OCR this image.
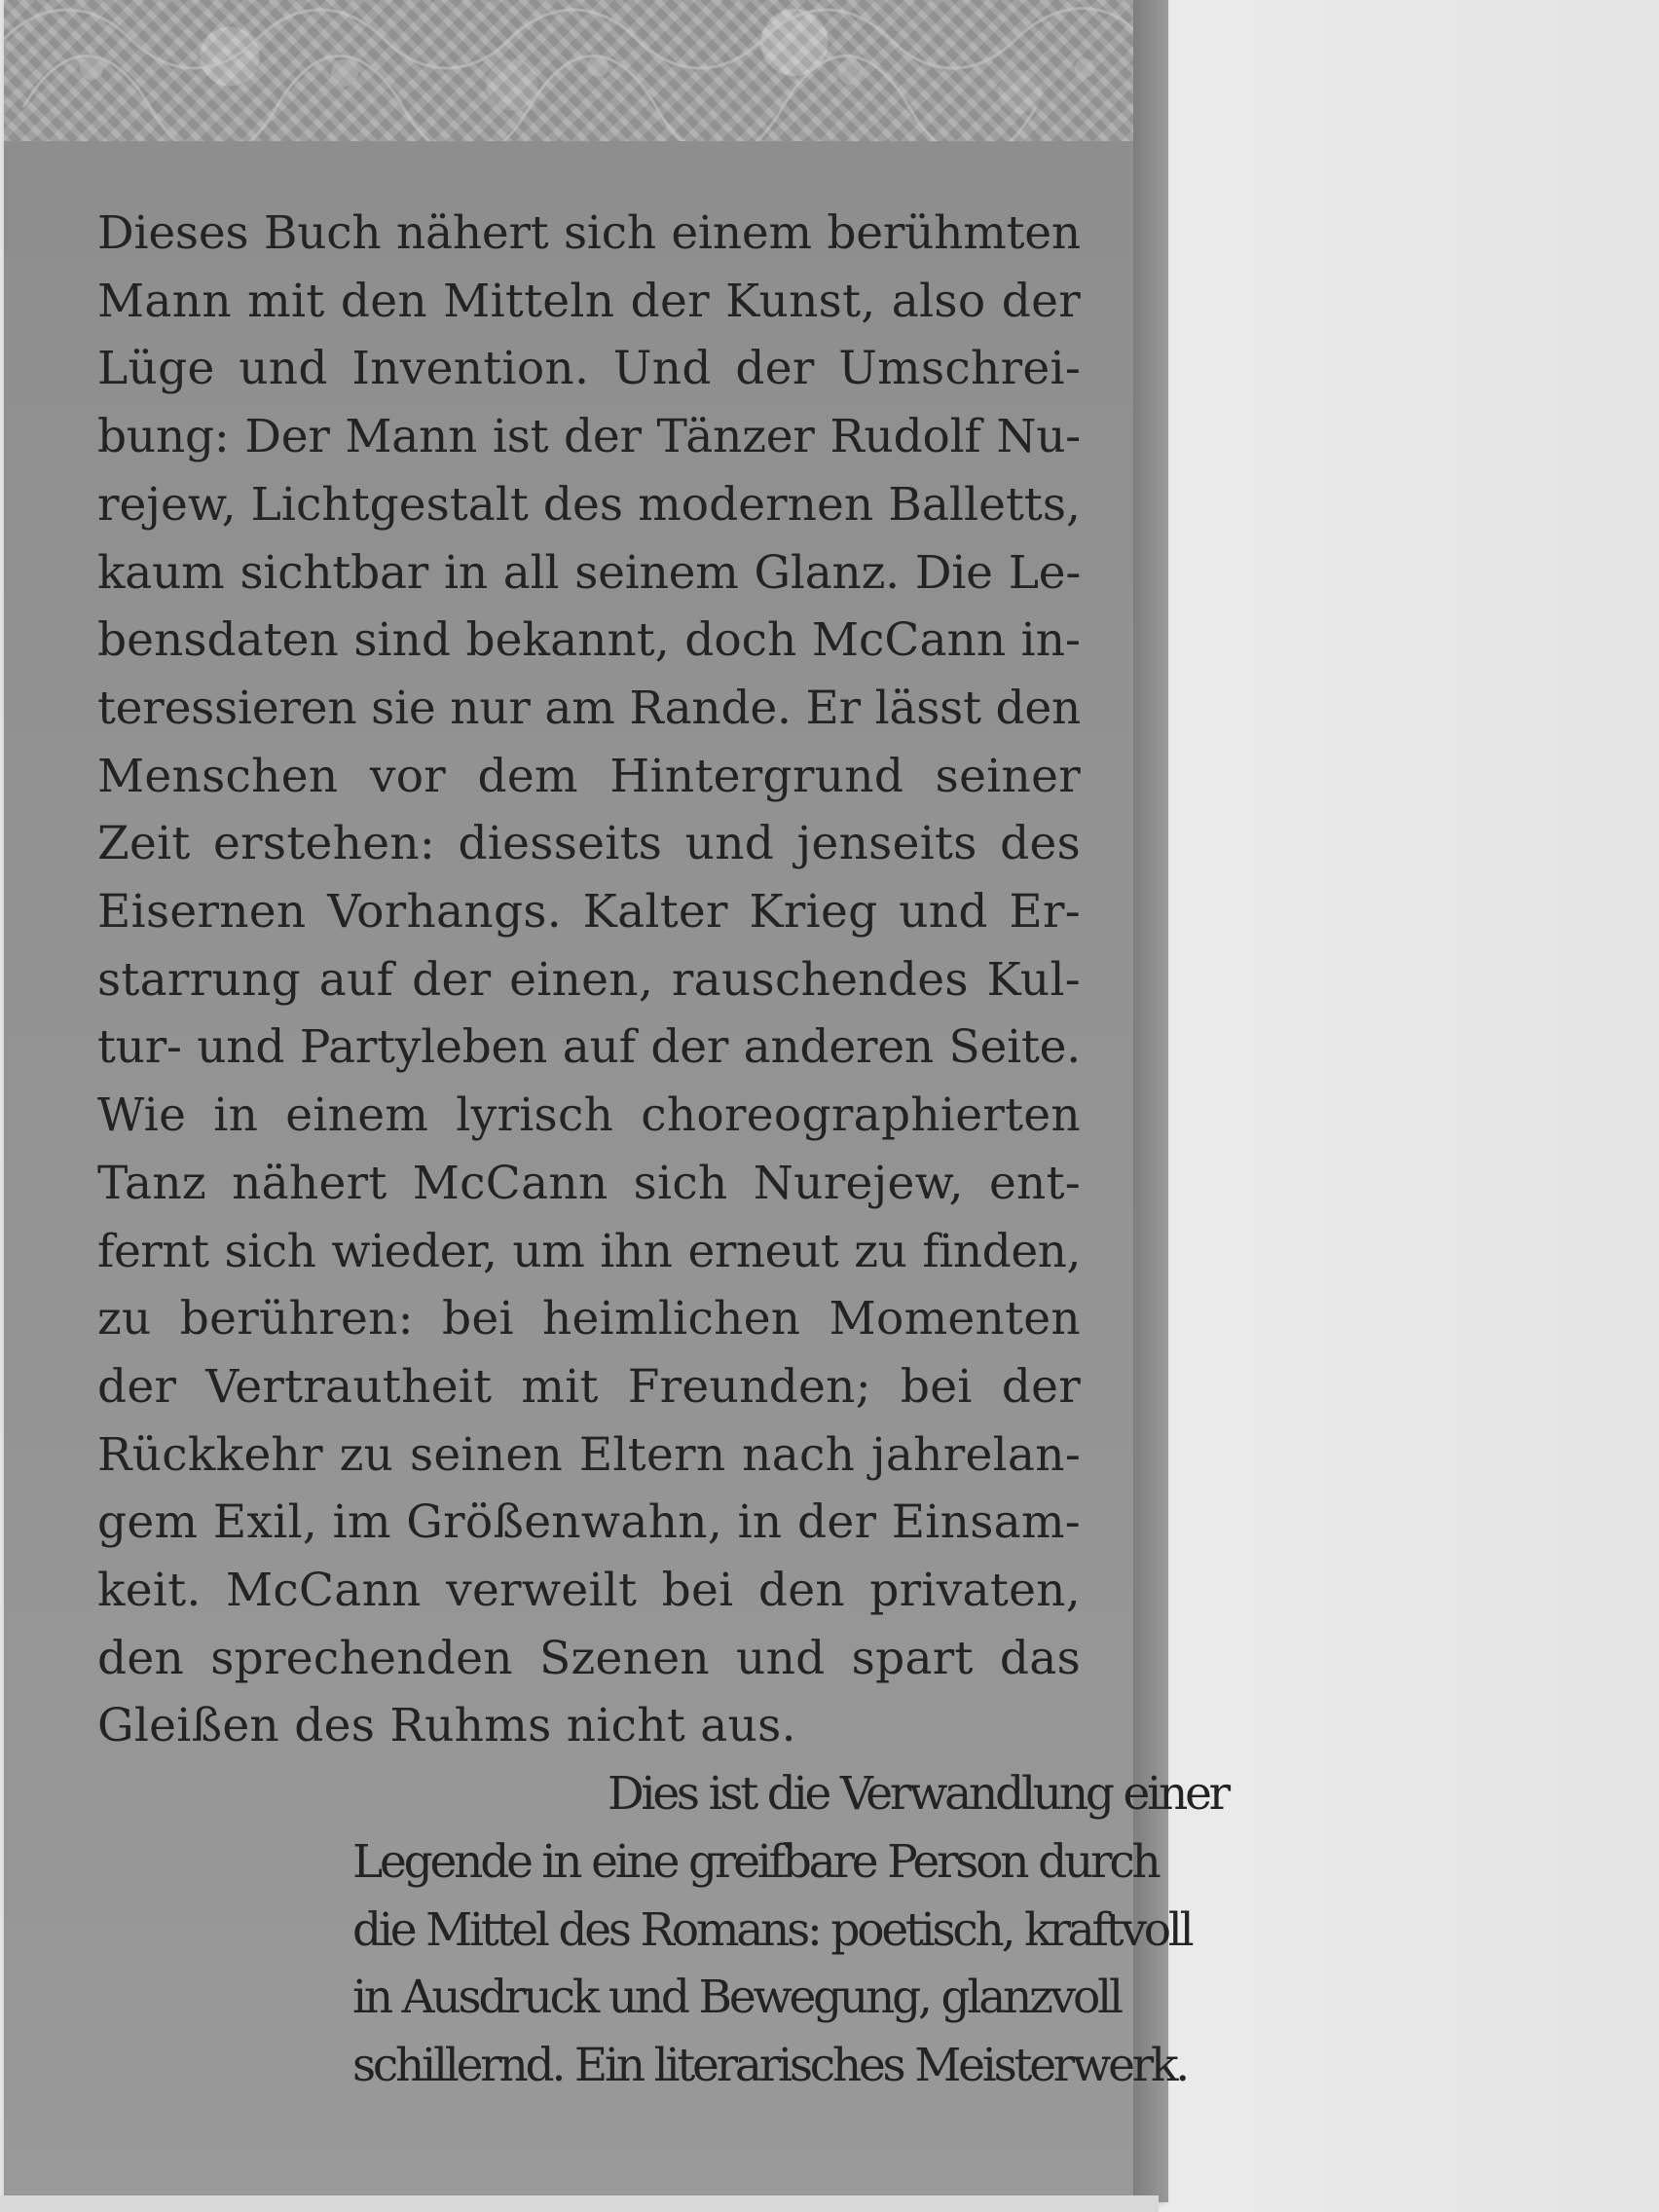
Dieses Buch nähert sich einem berühmten
Mann mit den Mitteln der Kunst, also der
Lüge und Invention. Und der Umschrei-
bung: Der Mann ist der Tänzer Rudolf Nu-
rejew, Lichtgestalt des modernen Balletts,
kaum sichtbar in all seinem Glanz. Die Le-
bensdaten sind bekannt, doch McCann in-
teressieren sie nur am Rande. Er lässt den
Menschen vor dem Hintergrund seiner
Zeit erstehen: diesseits und jenseits des
Eisernen Vorhangs. Kalter Krieg und Er-
starrung auf der einen, rauschendes Kul-
tur- und Partyleben auf der anderen Seite.
Wie in einem lyrisch choreographierten
Tanz nähert McCann sich Nurejew, ent-
fernt sich wieder, um ihn erneut zu finden,
zu berühren: bei heimlichen Momenten
der Vertrautheit mit Freunden; bei der
Rückkehr zu seinen Eltern nach jahrelan-
gem Exil, im Größenwahn, in der Einsam-
keit. McCann verweilt bei den privaten,
den sprechenden Szenen und spart das
Gleißen des Ruhms nicht aus.

Dies ist die Verwandlung einer
Legende in eine greifbare Person durch
die Mittel des Romans: poetisch, kraftvoll
in Ausdruck und Bewegung, glanzvoll
schillernd. Ein literarisches Meisterwerk.
